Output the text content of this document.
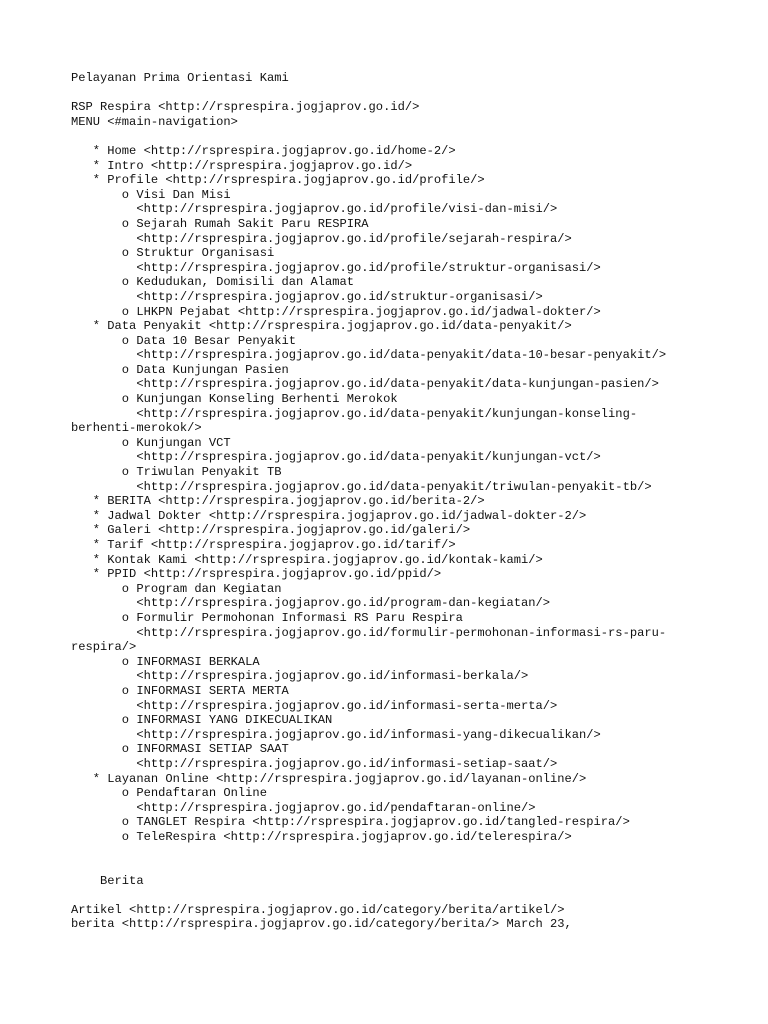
Pelayanan Prima Orientasi Kami
RSP Respira <http://rsprespira.jogjaprov.go.id/>
MENU <#main-navigation>
* Home <http://rsprespira.jogjaprov.go.id/home-2/>
* Intro <http://rsprespira.jogjaprov.go.id/>
* Profile <http://rsprespira.jogjaprov.go.id/profile/>
o Visi Dan Misi
<http://rsprespira.jogjaprov.go.id/profile/visi-dan-misi/>
o Sejarah Rumah Sakit Paru RESPIRA
<http://rsprespira.jogjaprov.go.id/profile/sejarah-respira/>
o Struktur Organisasi
<http://rsprespira.jogjaprov.go.id/profile/struktur-organisasi/>
o Kedudukan, Domisili dan Alamat
<http://rsprespira.jogjaprov.go.id/struktur-organisasi/>
o LHKPN Pejabat <http://rsprespira.jogjaprov.go.id/jadwal-dokter/>
* Data Penyakit <http://rsprespira.jogjaprov.go.id/data-penyakit/>
o Data 10 Besar Penyakit
<http://rsprespira.jogjaprov.go.id/data-penyakit/data-10-besar-penyakit/>
o Data Kunjungan Pasien
<http://rsprespira.jogjaprov.go.id/data-penyakit/data-kunjungan-pasien/>
o Kunjungan Konseling Berhenti Merokok
<http://rsprespira.jogjaprov.go.id/data-penyakit/kunjungan-konseling-
berhenti-merokok/>
o Kunjungan VCT
<http://rsprespira.jogjaprov.go.id/data-penyakit/kunjungan-vct/>
o Triwulan Penyakit TB
<http://rsprespira.jogjaprov.go.id/data-penyakit/triwulan-penyakit-tb/>
* BERITA <http://rsprespira.jogjaprov.go.id/berita-2/>
* Jadwal Dokter <http://rsprespira.jogjaprov.go.id/jadwal-dokter-2/>
* Galeri <http://rsprespira.jogjaprov.go.id/galeri/>
* Tarif <http://rsprespira.jogjaprov.go.id/tarif/>
* Kontak Kami <http://rsprespira.jogjaprov.go.id/kontak-kami/>
* PPID <http://rsprespira.jogjaprov.go.id/ppid/>
o Program dan Kegiatan
<http://rsprespira.jogjaprov.go.id/program-dan-kegiatan/>
o Formulir Permohonan Informasi RS Paru Respira
<http://rsprespira.jogjaprov.go.id/formulir-permohonan-informasi-rs-paru-
respira/>
o INFORMASI BERKALA
<http://rsprespira.jogjaprov.go.id/informasi-berkala/>
o INFORMASI SERTA MERTA
<http://rsprespira.jogjaprov.go.id/informasi-serta-merta/>
o INFORMASI YANG DIKECUALIKAN
<http://rsprespira.jogjaprov.go.id/informasi-yang-dikecualikan/>
o INFORMASI SETIAP SAAT
<http://rsprespira.jogjaprov.go.id/informasi-setiap-saat/>
* Layanan Online <http://rsprespira.jogjaprov.go.id/layanan-online/>
o Pendaftaran Online
<http://rsprespira.jogjaprov.go.id/pendaftaran-online/>
o TANGLET Respira <http://rsprespira.jogjaprov.go.id/tangled-respira/>
o TeleRespira <http://rsprespira.jogjaprov.go.id/telerespira/>
Berita
Artikel <http://rsprespira.jogjaprov.go.id/category/berita/artikel/>
berita <http://rsprespira.jogjaprov.go.id/category/berita/> March 23,
